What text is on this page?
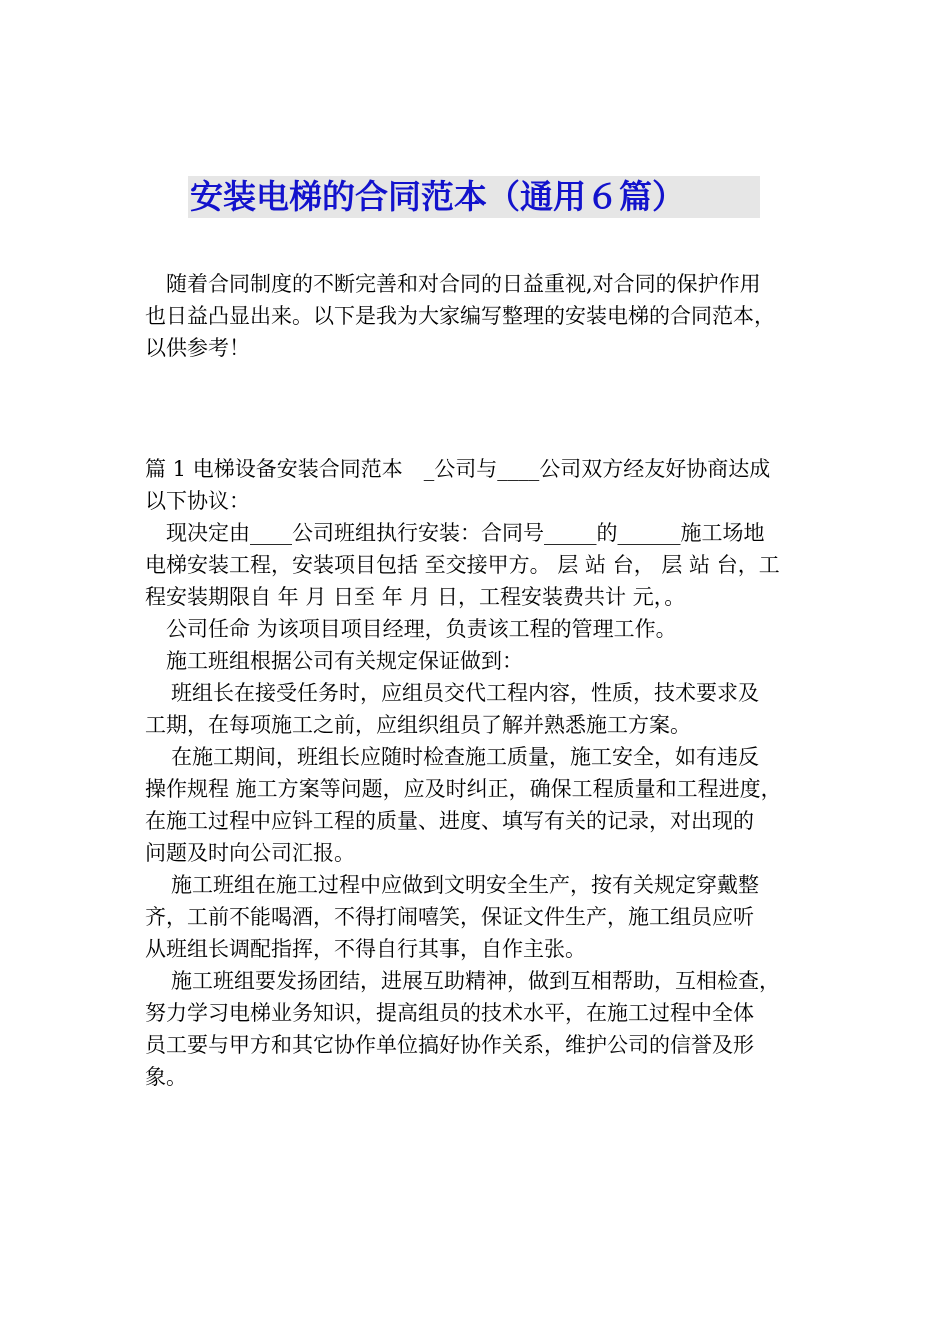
安装电梯的合同范本（通用６篇）
随着合同制度的不断完善和对合同的日益重视,对合同的保护作用
也日益凸显出来。以下是我为大家编写整理的安装电梯的合同范本，
以供参考！
篇 1 电梯设备安装合同范本　_公司与____公司双方经友好协商达成
以下协议：
现决定由____公司班组执行安装：合同号_____的______施工场地
电梯安装工程，安装项目包括 至交接甲方。 层 站 台， 层 站 台，工
程安装期限自 年 月 日至 年 月 日，工程安装费共计 元，。
公司任命 为该项目项目经理，负责该工程的管理工作。
施工班组根据公司有关规定保证做到：
班组长在接受任务时，应组员交代工程内容，性质，技术要求及
工期，在每项施工之前，应组织组员了解并熟悉施工方案。
在施工期间，班组长应随时检查施工质量，施工安全，如有违反
操作规程 施工方案等问题，应及时纠正，确保工程质量和工程进度，
在施工过程中应钭工程的质量、进度、填写有关的记录，对出现的
问题及时向公司汇报。
施工班组在施工过程中应做到文明安全生产，按有关规定穿戴整
齐，工前不能喝酒，不得打闹嘻笑，保证文件生产，施工组员应听
从班组长调配指挥，不得自行其事，自作主张。
施工班组要发扬团结，进展互助精神，做到互相帮助，互相检查，
努力学习电梯业务知识，提高组员的技术水平，在施工过程中全体
员工要与甲方和其它协作单位搞好协作关系，维护公司的信誉及形
象。
